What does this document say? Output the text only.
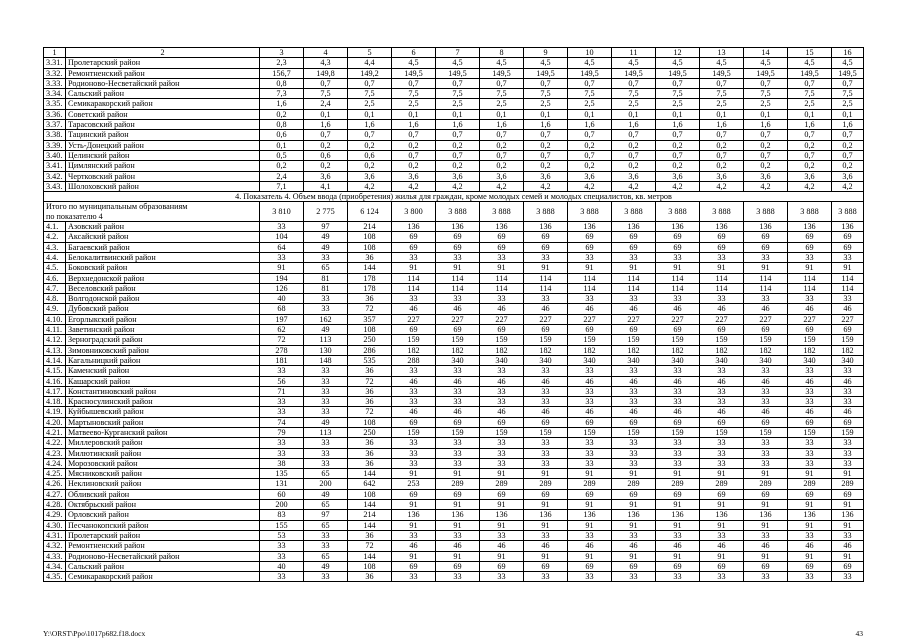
1	2	3	4	5	6	7	8	9	10	11	12	13	14	15	16
3.31.	Пролетарский район	2,3	4,3	4,4	4,5	4,5	4,5	4,5	4,5	4,5	4,5	4,5	4,5	4,5	4,5
3.32.	Ремонтненский район	156,7	149,8	149,2	149,5	149,5	149,5	149,5	149,5	149,5	149,5	149,5	149,5	149,5	149,5
3.33.	Родионово-Несветайский район	0,8	0,7	0,7	0,7	0,7	0,7	0,7	0,7	0,7	0,7	0,7	0,7	0,7	0,7
3.34.	Сальский район	7,3	7,5	7,5	7,5	7,5	7,5	7,5	7,5	7,5	7,5	7,5	7,5	7,5	7,5
3.35.	Семикаракорский район	1,6	2,4	2,5	2,5	2,5	2,5	2,5	2,5	2,5	2,5	2,5	2,5	2,5	2,5
3.36.	Советский район	0,2	0,1	0,1	0,1	0,1	0,1	0,1	0,1	0,1	0,1	0,1	0,1	0,1	0,1
3.37.	Тарасовский район	0,8	1,6	1,6	1,6	1,6	1,6	1,6	1,6	1,6	1,6	1,6	1,6	1,6	1,6
3.38.	Тацинский район	0,6	0,7	0,7	0,7	0,7	0,7	0,7	0,7	0,7	0,7	0,7	0,7	0,7	0,7
3.39.	Усть-Донецкий район	0,1	0,2	0,2	0,2	0,2	0,2	0,2	0,2	0,2	0,2	0,2	0,2	0,2	0,2
3.40.	Целинский район	0,5	0,6	0,6	0,7	0,7	0,7	0,7	0,7	0,7	0,7	0,7	0,7	0,7	0,7
3.41.	Цимлянский район	0,2	0,2	0,2	0,2	0,2	0,2	0,2	0,2	0,2	0,2	0,2	0,2	0,2	0,2
3.42.	Чертковский район	2,4	3,6	3,6	3,6	3,6	3,6	3,6	3,6	3,6	3,6	3,6	3,6	3,6	3,6
3.43.	Шолоховский район	7,1	4,1	4,2	4,2	4,2	4,2	4,2	4,2	4,2	4,2	4,2	4,2	4,2	4,2
4. Показатель 4. Объем ввода (приобретения) жилья для граждан, кроме молодых семей и молодых специалистов, кв. метров															
Итого по муниципальным образованиям		3 810	2 775	6 124	3 800	3 888	3 888	3 888	3 888	3 888	3 888	3 888	3 888	3 888	3 888
по показателю 4															
4.1.	Азовский район	33	97	214	136	136	136	136	136	136	136	136	136	136	136
4.2.	Аксайский район	104	49	108	69	69	69	69	69	69	69	69	69	69	69
4.3.	Багаевский район	64	49	108	69	69	69	69	69	69	69	69	69	69	69
4.4.	Белокалитвинский район	33	33	36	33	33	33	33	33	33	33	33	33	33	33
4.5.	Боковский район	91	65	144	91	91	91	91	91	91	91	91	91	91	91
4.6.	Верхнедонской район	194	81	178	114	114	114	114	114	114	114	114	114	114	114
4.7.	Веселовский район	126	81	178	114	114	114	114	114	114	114	114	114	114	114
4.8.	Волгодонской район	40	33	36	33	33	33	33	33	33	33	33	33	33	33
4.9.	Дубовский район	68	33	72	46	46	46	46	46	46	46	46	46	46	46
4.10.	Егорлыкский район	197	162	357	227	227	227	227	227	227	227	227	227	227	227
4.11.	Заветинский район	62	49	108	69	69	69	69	69	69	69	69	69	69	69
4.12.	Зерноградский район	72	113	250	159	159	159	159	159	159	159	159	159	159	159
4.13.	Зимовниковский район	278	130	286	182	182	182	182	182	182	182	182	182	182	182
4.14.	Кагальницкий район	181	148	535	288	340	340	340	340	340	340	340	340	340	340
4.15.	Каменский район	33	33	36	33	33	33	33	33	33	33	33	33	33	33
4.16.	Кашарский район	56	33	72	46	46	46	46	46	46	46	46	46	46	46
4.17.	Константиновский район	71	33	36	33	33	33	33	33	33	33	33	33	33	33
4.18.	Красносулинский район	33	33	36	33	33	33	33	33	33	33	33	33	33	33
4.19.	Куйбышевский район	33	33	72	46	46	46	46	46	46	46	46	46	46	46
4.20.	Мартыновский район	74	49	108	69	69	69	69	69	69	69	69	69	69	69
4.21.	Матвеево-Курганский район	79	113	250	159	159	159	159	159	159	159	159	159	159	159
4.22.	Миллеровский район	33	33	36	33	33	33	33	33	33	33	33	33	33	33
4.23.	Милютинский район	33	33	36	33	33	33	33	33	33	33	33	33	33	33
4.24.	Морозовский район	38	33	36	33	33	33	33	33	33	33	33	33	33	33
4.25.	Мясниковский район	135	65	144	91	91	91	91	91	91	91	91	91	91	91
4.26.	Неклиновский район	131	200	642	253	289	289	289	289	289	289	289	289	289	289
4.27.	Обливский район	60	49	108	69	69	69	69	69	69	69	69	69	69	69
4.28.	Октябрьский район	200	65	144	91	91	91	91	91	91	91	91	91	91	91
4.29.	Орловский район	83	97	214	136	136	136	136	136	136	136	136	136	136	136
4.30.	Песчанокопский район	155	65	144	91	91	91	91	91	91	91	91	91	91	91
4.31.	Пролетарский район	53	33	36	33	33	33	33	33	33	33	33	33	33	33
4.32.	Ремонтненский район	33	33	72	46	46	46	46	46	46	46	46	46	46	46
4.33.	Родионово-Несветайский район	33	65	144	91	91	91	91	91	91	91	91	91	91	91
4.34.	Сальский район	40	49	108	69	69	69	69	69	69	69	69	69	69	69
4.35.	Семикаракорский район	33	33	36	33	33	33	33	33	33	33	33	33	33	33
Y:\ORST\Ppo\1017p682.f18.docx	43
